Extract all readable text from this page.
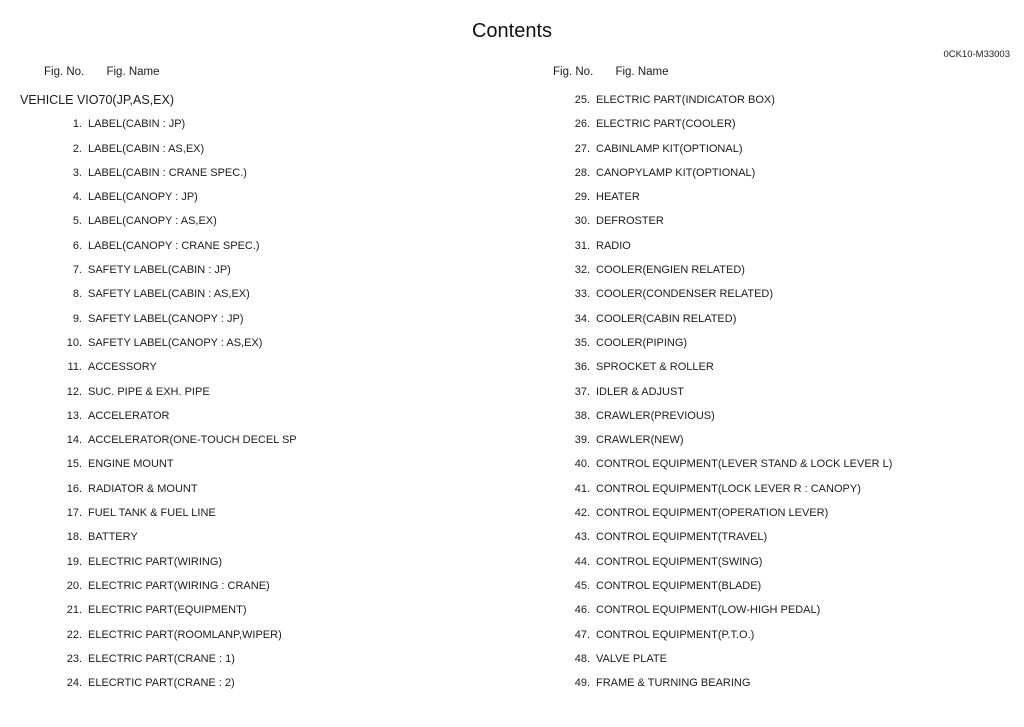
Contents
0CK10-M33003
Fig. No. Fig. Name	Fig. No. Fig. Name
VEHICLE VIO70(JP,AS,EX)
1. LABEL(CABIN : JP)
2. LABEL(CABIN : AS,EX)
3. LABEL(CABIN : CRANE SPEC.)
4. LABEL(CANOPY : JP)
5. LABEL(CANOPY : AS,EX)
6. LABEL(CANOPY : CRANE SPEC.)
7. SAFETY LABEL(CABIN : JP)
8. SAFETY LABEL(CABIN : AS,EX)
9. SAFETY LABEL(CANOPY : JP)
10. SAFETY LABEL(CANOPY : AS,EX)
11. ACCESSORY
12. SUC. PIPE & EXH. PIPE
13. ACCELERATOR
14. ACCELERATOR(ONE-TOUCH DECEL SP
15. ENGINE MOUNT
16. RADIATOR & MOUNT
17. FUEL TANK & FUEL LINE
18. BATTERY
19. ELECTRIC PART(WIRING)
20. ELECTRIC PART(WIRING : CRANE)
21. ELECTRIC PART(EQUIPMENT)
22. ELECTRIC PART(ROOMLANP,WIPER)
23. ELECTRIC PART(CRANE : 1)
24. ELECRTIC PART(CRANE : 2)
25. ELECTRIC PART(INDICATOR BOX)
26. ELECTRIC PART(COOLER)
27. CABINLAMP KIT(OPTIONAL)
28. CANOPYLAMP KIT(OPTIONAL)
29. HEATER
30. DEFROSTER
31. RADIO
32. COOLER(ENGIEN RELATED)
33. COOLER(CONDENSER RELATED)
34. COOLER(CABIN RELATED)
35. COOLER(PIPING)
36. SPROCKET & ROLLER
37. IDLER & ADJUST
38. CRAWLER(PREVIOUS)
39. CRAWLER(NEW)
40. CONTROL EQUIPMENT(LEVER STAND & LOCK LEVER L)
41. CONTROL EQUIPMENT(LOCK LEVER R : CANOPY)
42. CONTROL EQUIPMENT(OPERATION LEVER)
43. CONTROL EQUIPMENT(TRAVEL)
44. CONTROL EQUIPMENT(SWING)
45. CONTROL EQUIPMENT(BLADE)
46. CONTROL EQUIPMENT(LOW-HIGH PEDAL)
47. CONTROL EQUIPMENT(P.T.O.)
48. VALVE PLATE
49. FRAME & TURNING BEARING
